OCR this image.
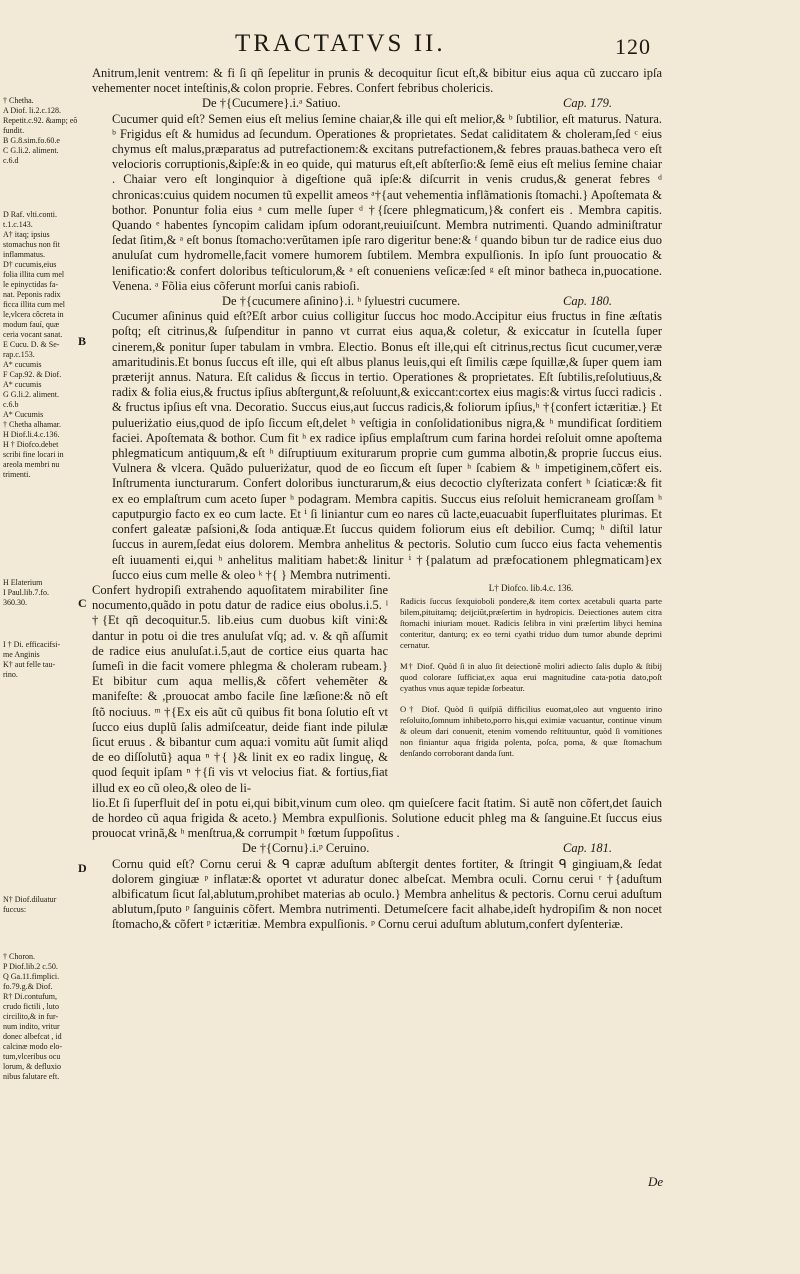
TRACTATVS II.	120
† Chetha.
A Diof. li.2.c.128.
Repetit.c.92. &amp; eõ
fundit.
B G.8.sim.fo.60.e
C G.li.2. aliment.
c.6.d
D Raf. vlti.conti.
t.1.c.143.
A† itaq; ipsius
stomachus non fit
inflammatus.
D† cucumis,eius
folia illita cum mel
le epinyctidas fa-
nat. Peponis radix
ficca illita cum mel
le,vlcera côcreta in
modum fauí, quæ
ceria vocant sanat.
E Cucu. D. & Se-
rap.c.153.
A* cucumis
F Cap.92. & Diof.
A* cucumis
G G.li.2. aliment.
c.6.b
A* Cucumis
† Chetha alhamar.
H Diof.li.4.c.136.
H † Diofco.debet
scribi fine locari in
areola membri nu
trimenti.
H Elaterium
I Paul.lib.7.fo.
360.30.
I † Di. efficacifsi-
me Anginis
K† aut felle tau-
rino.
N† Diof.diluatur
fuccus:
† Choron.
P Diof.lib.2 c.50.
Q Ga.11.fimplici.
fo.79.g.& Diof.
R† Di.contufum,
crudo fictili , luto
circilito,& in fur-
num indito, vritur
donec albefcat , id
calcinæ modo elo-
tum,vlceribus ocu
lorum, & defluxio
nibus falutare eft.
B
C
D

Anitrum,lenit ventrem: & fi ſi qñ ſepelitur in prunis & decoquitur ſicut eſt,& bibitur eius aqua cũ zuccaro ipſa vehementer nocet inteſtinis,& colon proprie. Febres. Confert febribus cholericis.

De †{Cucumere}.i.ᵃ Satiuo.	Cap. 179.

Cucumer quid eſt? Semen eius eſt melius ſemine chaiar,& ille qui eſt melior,& ᵇ ſubtilior, eſt maturus. Natura. ᵇ Frigidus eſt & humidus ad ſecundum. Operationes & proprietates. Sedat caliditatem & choleram,ſed ᶜ eius chymus eſt malus,præparatus ad putrefactionem:& excitans putrefactionem,& febres prauas.batheca vero eſt velocioris corruptionis,&ipſe:& in eo quide, qui maturus eſt,eſt abſterſio:& ſemẽ eius eſt melius ſemine chaiar . Chaiar vero eſt longinquior à digeſtione quã ipſe:& diſcurrit in venis crudus,& generat febres ᵈ chronicas:cuius quidem nocumen tũ expellit ameos ᵃ†{aut vehementia inflãmationis ſtomachi.} Apoſtemata & bothor. Ponuntur folia eius ᵃ cum melle ſuper ᵈ †{ſcere phlegmaticum,}& confert eis . Membra capitis. Quando ᵉ habentes ſyncopim calidam ipſum odorant,reuiuiſcunt. Membra nutrimenti. Quando adminiſtratur ſedat ſitim,& ᵃ eſt bonus ſtomacho:verũtamen ipſe raro digeritur bene:& ᶠ quando bibun tur de radice eius duo anuluſat cum hydromelle,facit vomere humorem ſubtilem. Membra expulſionis. In ipſo ſunt prouocatio & lenificatio:& confert doloribus teſticulorum,& ᵃ eſt conueniens veſicæ:ſed ᵍ eſt minor batheca in,puocatione. Venena. ᵃ Fõlia eius cõferunt morſui canis rabioſi.

De †{cucumere aſinino}.i. ʰ ſyluestri cucumere.	Cap. 180.

Cucumer aſininus quid eſt?Eſt arbor cuius colligitur ſuccus hoc modo.Accipitur eius fructus in fine æſtatis poſtq; eſt citrinus,& ſuſpenditur in panno vt currat eius aqua,& coletur, & exiccatur in ſcutella ſuper cinerem,& ponitur ſuper tabulam in vmbra. Electio. Bonus eſt ille,qui eſt citrinus,rectus ſicut cucumer,veræ amaritudinis.Et bonus ſuccus eſt ille, qui eſt albus planus leuis,qui eſt ſimilis cæpe ſquillæ,& ſuper quem iam præterijt annus. Natura. Eſt calidus & ſiccus in tertio. Operationes & proprietates. Eſt ſubtilis,reſolutiuus,& radix & folia eius,& fructus ipſius abſtergunt,& reſoluunt,& exiccant:cortex eius magis:& virtus ſucci radicis . & fructus ipſius eſt vna. Decoratio. Succus eius,aut ſuccus radicis,& foliorum ipſius,ʰ †{confert ictæritiæ.} Et pulueriżatio eius,quod de ipſo ſiccum eſt,delet ʰ veſtigia in conſolidationibus nigra,& ʰ mundificat ſorditiem faciei. Apoſtemata & bothor. Cum fit ʰ ex radice ipſius emplaſtrum cum farina hordei reſoluit omne apoſtema phlegmaticum antiquum,& eſt ʰ diſruptiuum exiturarum proprie cum gumma albotin,& proprie ſuccus eius. Vulnera & vlcera. Quãdo pulueriżatur, quod de eo ſiccum eſt ſuper ʰ ſcabiem & ʰ impetiginem,cõfert eis. Inſtrumenta iuncturarum. Confert doloribus iuncturarum,& eius decoctio clyſterizata confert ʰ ſciaticæ:& fit ex eo emplaſtrum cum aceto ſuper ʰ podagram. Membra capitis. Succus eius reſoluit hemicraneam groſſam ʰ caputpurgio facto ex eo cum lacte. Et ⁱ ſi liniantur cum eo nares cũ lacte,euacuabit ſuperfluitates plurimas. Et confert galeatæ paſsioni,& ſoda antiquæ.Et ſuccus quidem foliorum eius eſt debilior. Cumq; ʰ diſtil latur ſuccus in aurem,ſedat eius dolorem. Membra anhelitus & pectoris. Solutio cum ſucco eius facta vehementis eſt iuuamenti ei,qui ʰ anhelitus malitiam habet:& linitur ⁱ †{palatum ad præfocationem phlegmaticam}ex ſucco eius cum melle & oleo ᵏ †{ } Membra nutrimenti.

Confert hydropiſi extrahendo aquoſitatem mirabiliter ſine nocumento,quãdo in potu datur de radice eius obolus.i.5. ˡ †{Et qñ decoquitur.5. lib.eius cum duobus kiſt vini:& dantur in potu oi die tres anuluſat vſq; ad. v. & qñ aſſumit de radice eius anuluſat.i.5,aut de cortice eius quarta hac ſumeſi in die facit vomere phlegma & choleram rubeam.} Et bibitur cum aqua mellis,& cõfert vehemẽter & manifeſte: & ,prouocat ambo facile ſine læſione:& nõ eſt ſtõ nociuus. ᵐ †{Ex eis aũt cũ quibus fit bona ſolutio eſt vt ſucco eius duplũ ſalis admiſceatur, deide fiant inde pilulæ ſicut eruus . & bibantur cum aqua:i vomitu aũt ſumit aliqd de eo diſſolutũ} aqua ⁿ †{ }& linit ex eo radix linguę, & quod ſequit ipſam ⁿ †{ſi vis vt velocius fiat. & fortius,fiat illud ex eo cũ oleo,& oleo de li-

L† Diofco. lib.4.c. 136.

Radicis ſuccus ſexquioboli pondere,& item cortex acetabuli quarta parte bilem,pituitamq; deijciũt,præſertim in hydropicis. Deiectiones autem citra ſtomachi iniuriam mouet. Radicis ſelibra in vini præſertim libyci hemina conteritur, danturq; ex eo terni cyathi triduo dum tumor abunde deprimi cernatur.

M† Diof. Quòd ſi in aluo ſit deiectionẽ moliri adiecto ſalis duplo & ſtibij quod colorare ſufficiat,ex aqua erui magnitudine cata-potia dato,poſt cyathus vnus aquæ tepidæ ſorbeatur.

O† Diof. Quòd ſi quiſpiã difficilius euomat,oleo aut vnguento irino reſoluito,ſomnum inhibeto,porro his,qui eximiæ vacuantur, continue vinum & oleum dari conuenit, etenim vomendo reſtituuntur, quòd ſi vomitiones non finiantur aqua frigida polenta, poſca, poma, & quæ ſtomachum denſando corroborant danda ſunt.

lio.Et ſi ſuperfluit deſ in potu ei,qui bibit,vinum cum oleo. qm quieſcere facit ſtatim. Si autẽ non cõfert,det ſauich de hordeo cũ aqua frigida & aceto.} Membra expulſionis. Solutione educit phleg ma & ſanguine.Et ſuccus eius prouocat vrinã,& ʰ menſtrua,& corrumpit ʰ fœtum ſuppoſitus .

De †{Cornu}.i.ᵖ Ceruino.	Cap. 181.

Cornu quid eſt? Cornu cerui & ᑫ capræ aduſtum abſtergit dentes fortiter, & ſtringit ᑫ gingiuam,& ſedat dolorem gingiuæ ᵖ inflatæ:& oportet vt aduratur donec albeſcat. Membra oculi. Cornu cerui ʳ †{aduſtum albificatum ſicut ſal,ablutum,prohibet materias ab oculo.} Membra anhelitus & pectoris. Cornu cerui aduſtum ablutum,ſputo ᵖ ſanguinis cõfert. Membra nutrimenti. Detumeſcere facit alhabe,ideſt hydropiſim & non nocet ſtomacho,& cõfert ᵖ ictæritiæ. Membra expulſionis. ᵖ Cornu cerui aduſtum ablutum,confert dyſenteriæ.

De
